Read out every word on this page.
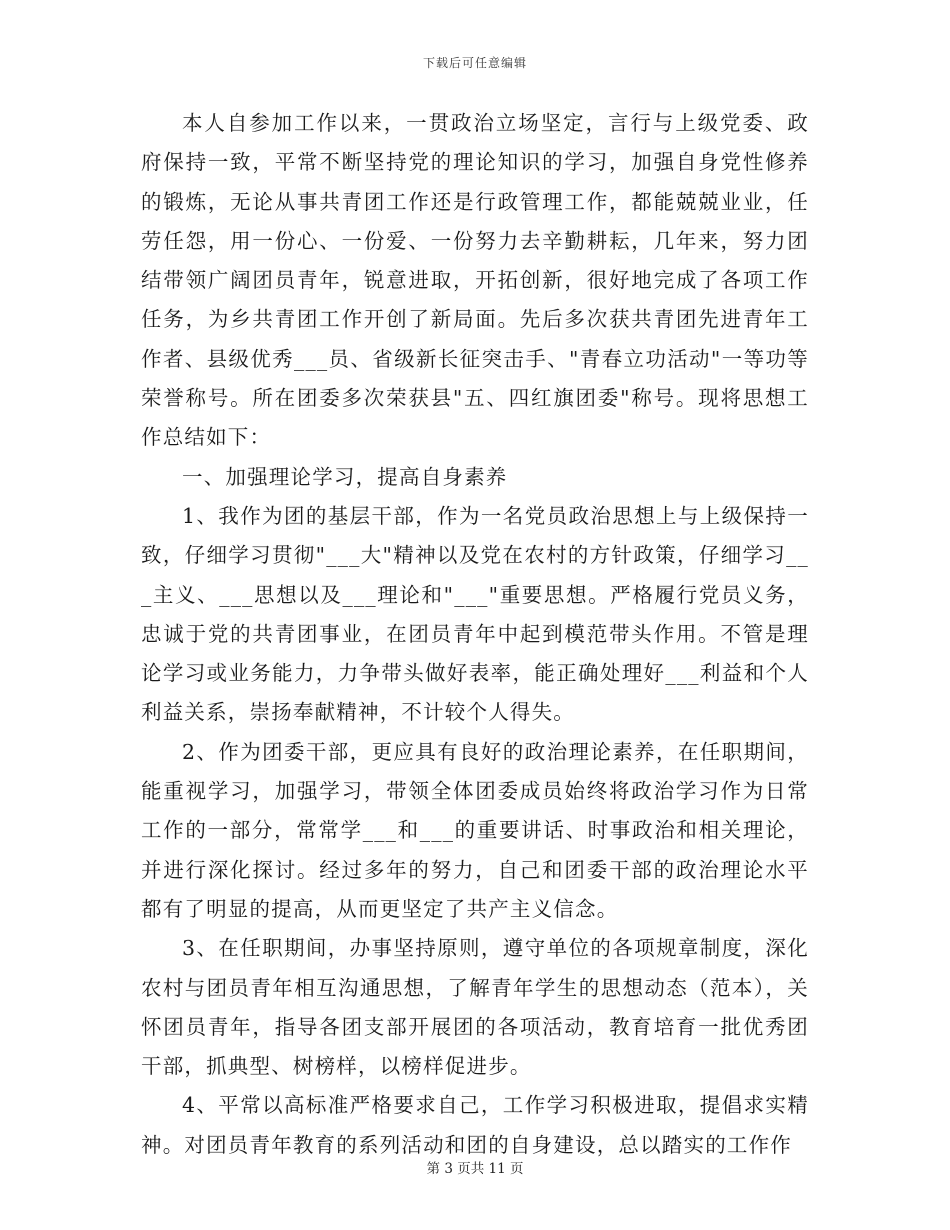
下载后可任意编辑

本人自参加工作以来，一贯政治立场坚定，言行与上级党委、政府保持一致，平常不断坚持党的理论知识的学习，加强自身党性修养的锻炼，无论从事共青团工作还是行政管理工作，都能兢兢业业，任劳任怨，用一份心、一份爱、一份努力去辛勤耕耘，几年来，努力团结带领广阔团员青年，锐意进取，开拓创新，很好地完成了各项工作任务，为乡共青团工作开创了新局面。先后多次获共青团先进青年工作者、县级优秀___员、省级新长征突击手、"青春立功活动"一等功等荣誉称号。所在团委多次荣获县"五、四红旗团委"称号。现将思想工作总结如下：

一、加强理论学习，提高自身素养

1、我作为团的基层干部，作为一名党员政治思想上与上级保持一致，仔细学习贯彻"___大"精神以及党在农村的方针政策，仔细学习___主义、___思想以及___理论和"___"重要思想。严格履行党员义务，忠诚于党的共青团事业，在团员青年中起到模范带头作用。不管是理论学习或业务能力，力争带头做好表率，能正确处理好___利益和个人利益关系，崇扬奉献精神，不计较个人得失。

2、作为团委干部，更应具有良好的政治理论素养，在任职期间，能重视学习，加强学习，带领全体团委成员始终将政治学习作为日常工作的一部分，常常学___和___的重要讲话、时事政治和相关理论，并进行深化探讨。经过多年的努力，自己和团委干部的政治理论水平都有了明显的提高，从而更坚定了共产主义信念。

3、在任职期间，办事坚持原则，遵守单位的各项规章制度，深化农村与团员青年相互沟通思想，了解青年学生的思想动态（范本），关怀团员青年，指导各团支部开展团的各项活动，教育培育一批优秀团干部，抓典型、树榜样，以榜样促进步。

4、平常以高标准严格要求自己，工作学习积极进取，提倡求实精神。对团员青年教育的系列活动和团的自身建设，总以踏实的工作作

第 3 页共 11 页
